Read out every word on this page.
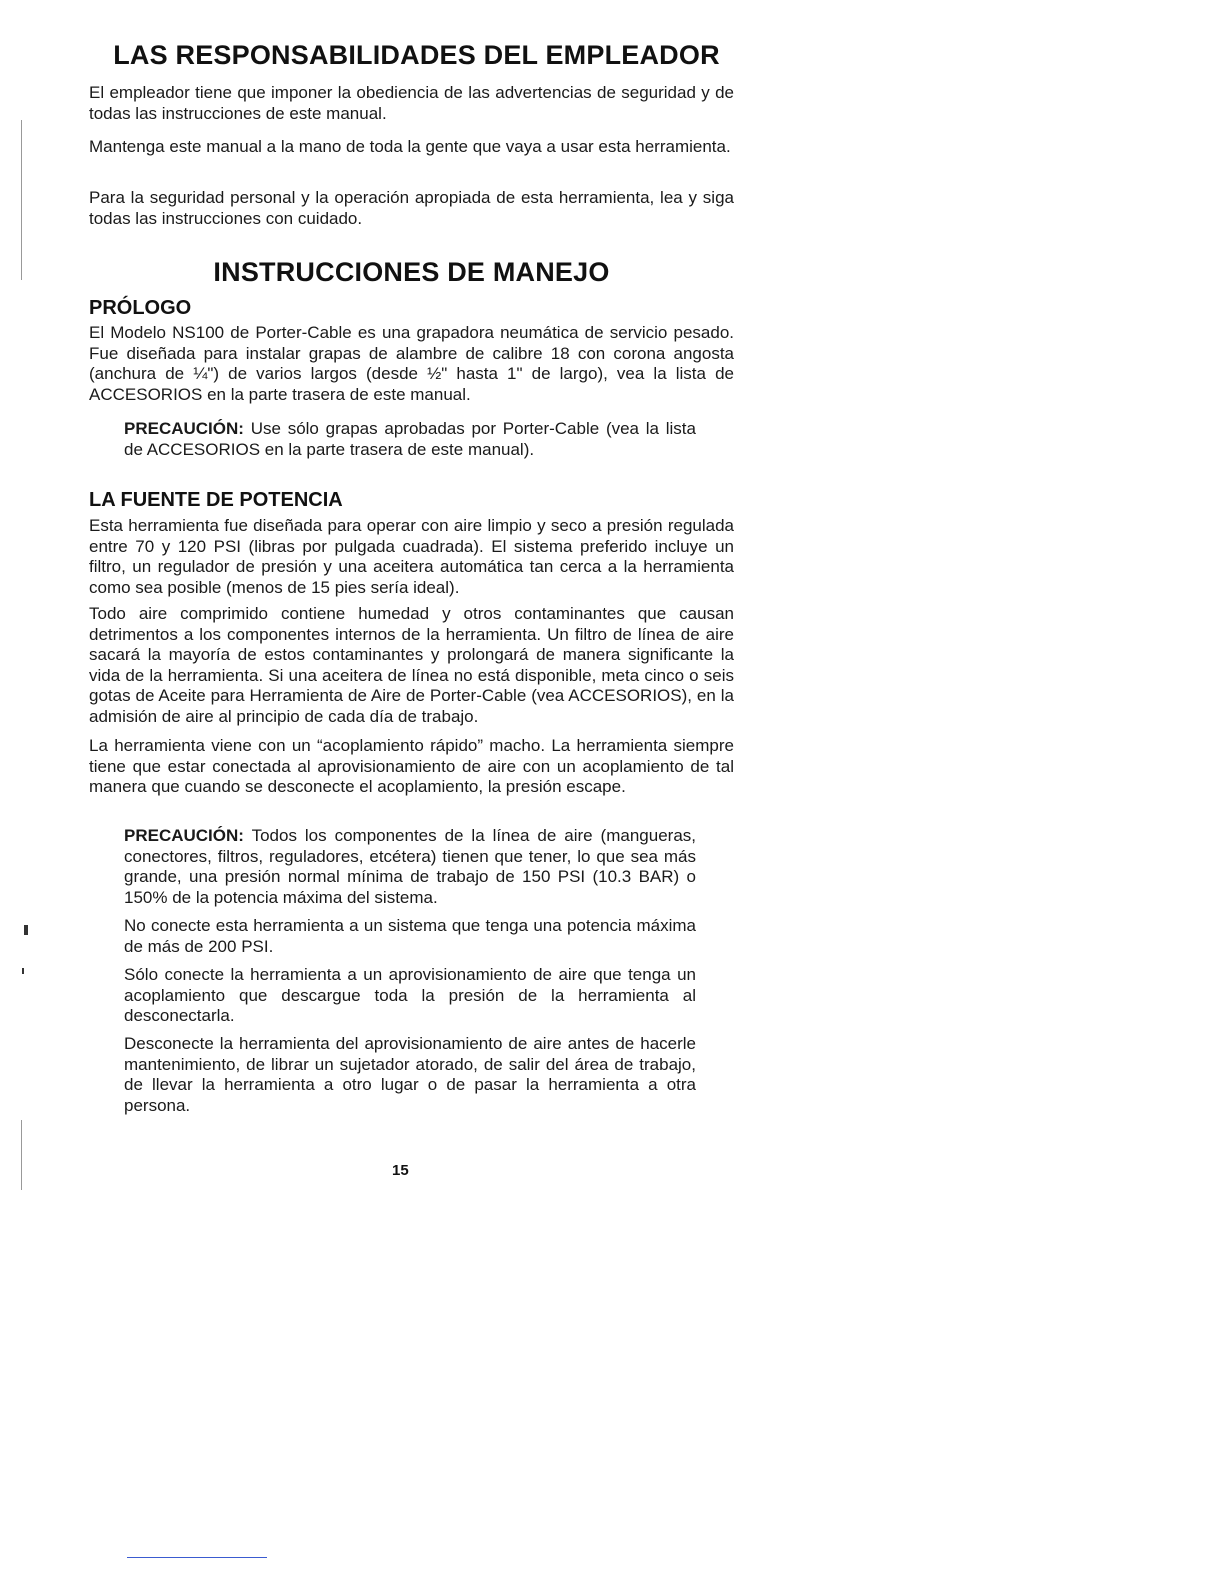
LAS RESPONSABILIDADES DEL EMPLEADOR

El empleador tiene que imponer la obediencia de las advertencias de seguridad y de todas las instrucciones de este manual.

Mantenga este manual a la mano de toda la gente que vaya a usar esta herramienta.

Para la seguridad personal y la operación apropiada de esta herramienta, lea y siga todas las instrucciones con cuidado.

INSTRUCCIONES DE MANEJO
PRÓLOGO

El Modelo NS100 de Porter-Cable es una grapadora neumática de servicio pesado. Fue diseñada para instalar grapas de alambre de calibre 18 con corona angosta (anchura de ¼") de varios largos (desde ½" hasta 1" de largo), vea la lista de ACCESORIOS en la parte trasera de este manual.

PRECAUCIÓN: Use sólo grapas aprobadas por Porter-Cable (vea la lista de ACCESORIOS en la parte trasera de este manual).

LA FUENTE DE POTENCIA

Esta herramienta fue diseñada para operar con aire limpio y seco a presión regulada entre 70 y 120 PSI (libras por pulgada cuadrada). El sistema preferido incluye un filtro, un regulador de presión y una aceitera automática tan cerca a la herramienta como sea posible (menos de 15 pies sería ideal).

Todo aire comprimido contiene humedad y otros contaminantes que causan detrimentos a los componentes internos de la herramienta. Un filtro de línea de aire sacará la mayoría de estos contaminantes y prolongará de manera significante la vida de la herramienta. Si una aceitera de línea no está disponible, meta cinco o seis gotas de Aceite para Herramienta de Aire de Porter-Cable (vea ACCESORIOS), en la admisión de aire al principio de cada día de trabajo.

La herramienta viene con un “acoplamiento rápido” macho. La herramienta siempre tiene que estar conectada al aprovisionamiento de aire con un acoplamiento de tal manera que cuando se desconecte el acoplamiento, la presión escape.

PRECAUCIÓN: Todos los componentes de la línea de aire (mangueras, conectores, filtros, reguladores, etcétera) tienen que tener, lo que sea más grande, una presión normal mínima de trabajo de 150 PSI (10.3 BAR) o 150% de la potencia máxima del sistema.

No conecte esta herramienta a un sistema que tenga una potencia máxima de más de 200 PSI.

Sólo conecte la herramienta a un aprovisionamiento de aire que tenga un acoplamiento que descargue toda la presión de la herramienta al desconectarla.

Desconecte la herramienta del aprovisionamiento de aire antes de hacerle mantenimiento, de librar un sujetador atorado, de salir del área de trabajo, de llevar la herramienta a otro lugar o de pasar la herramienta a otra persona.

15
